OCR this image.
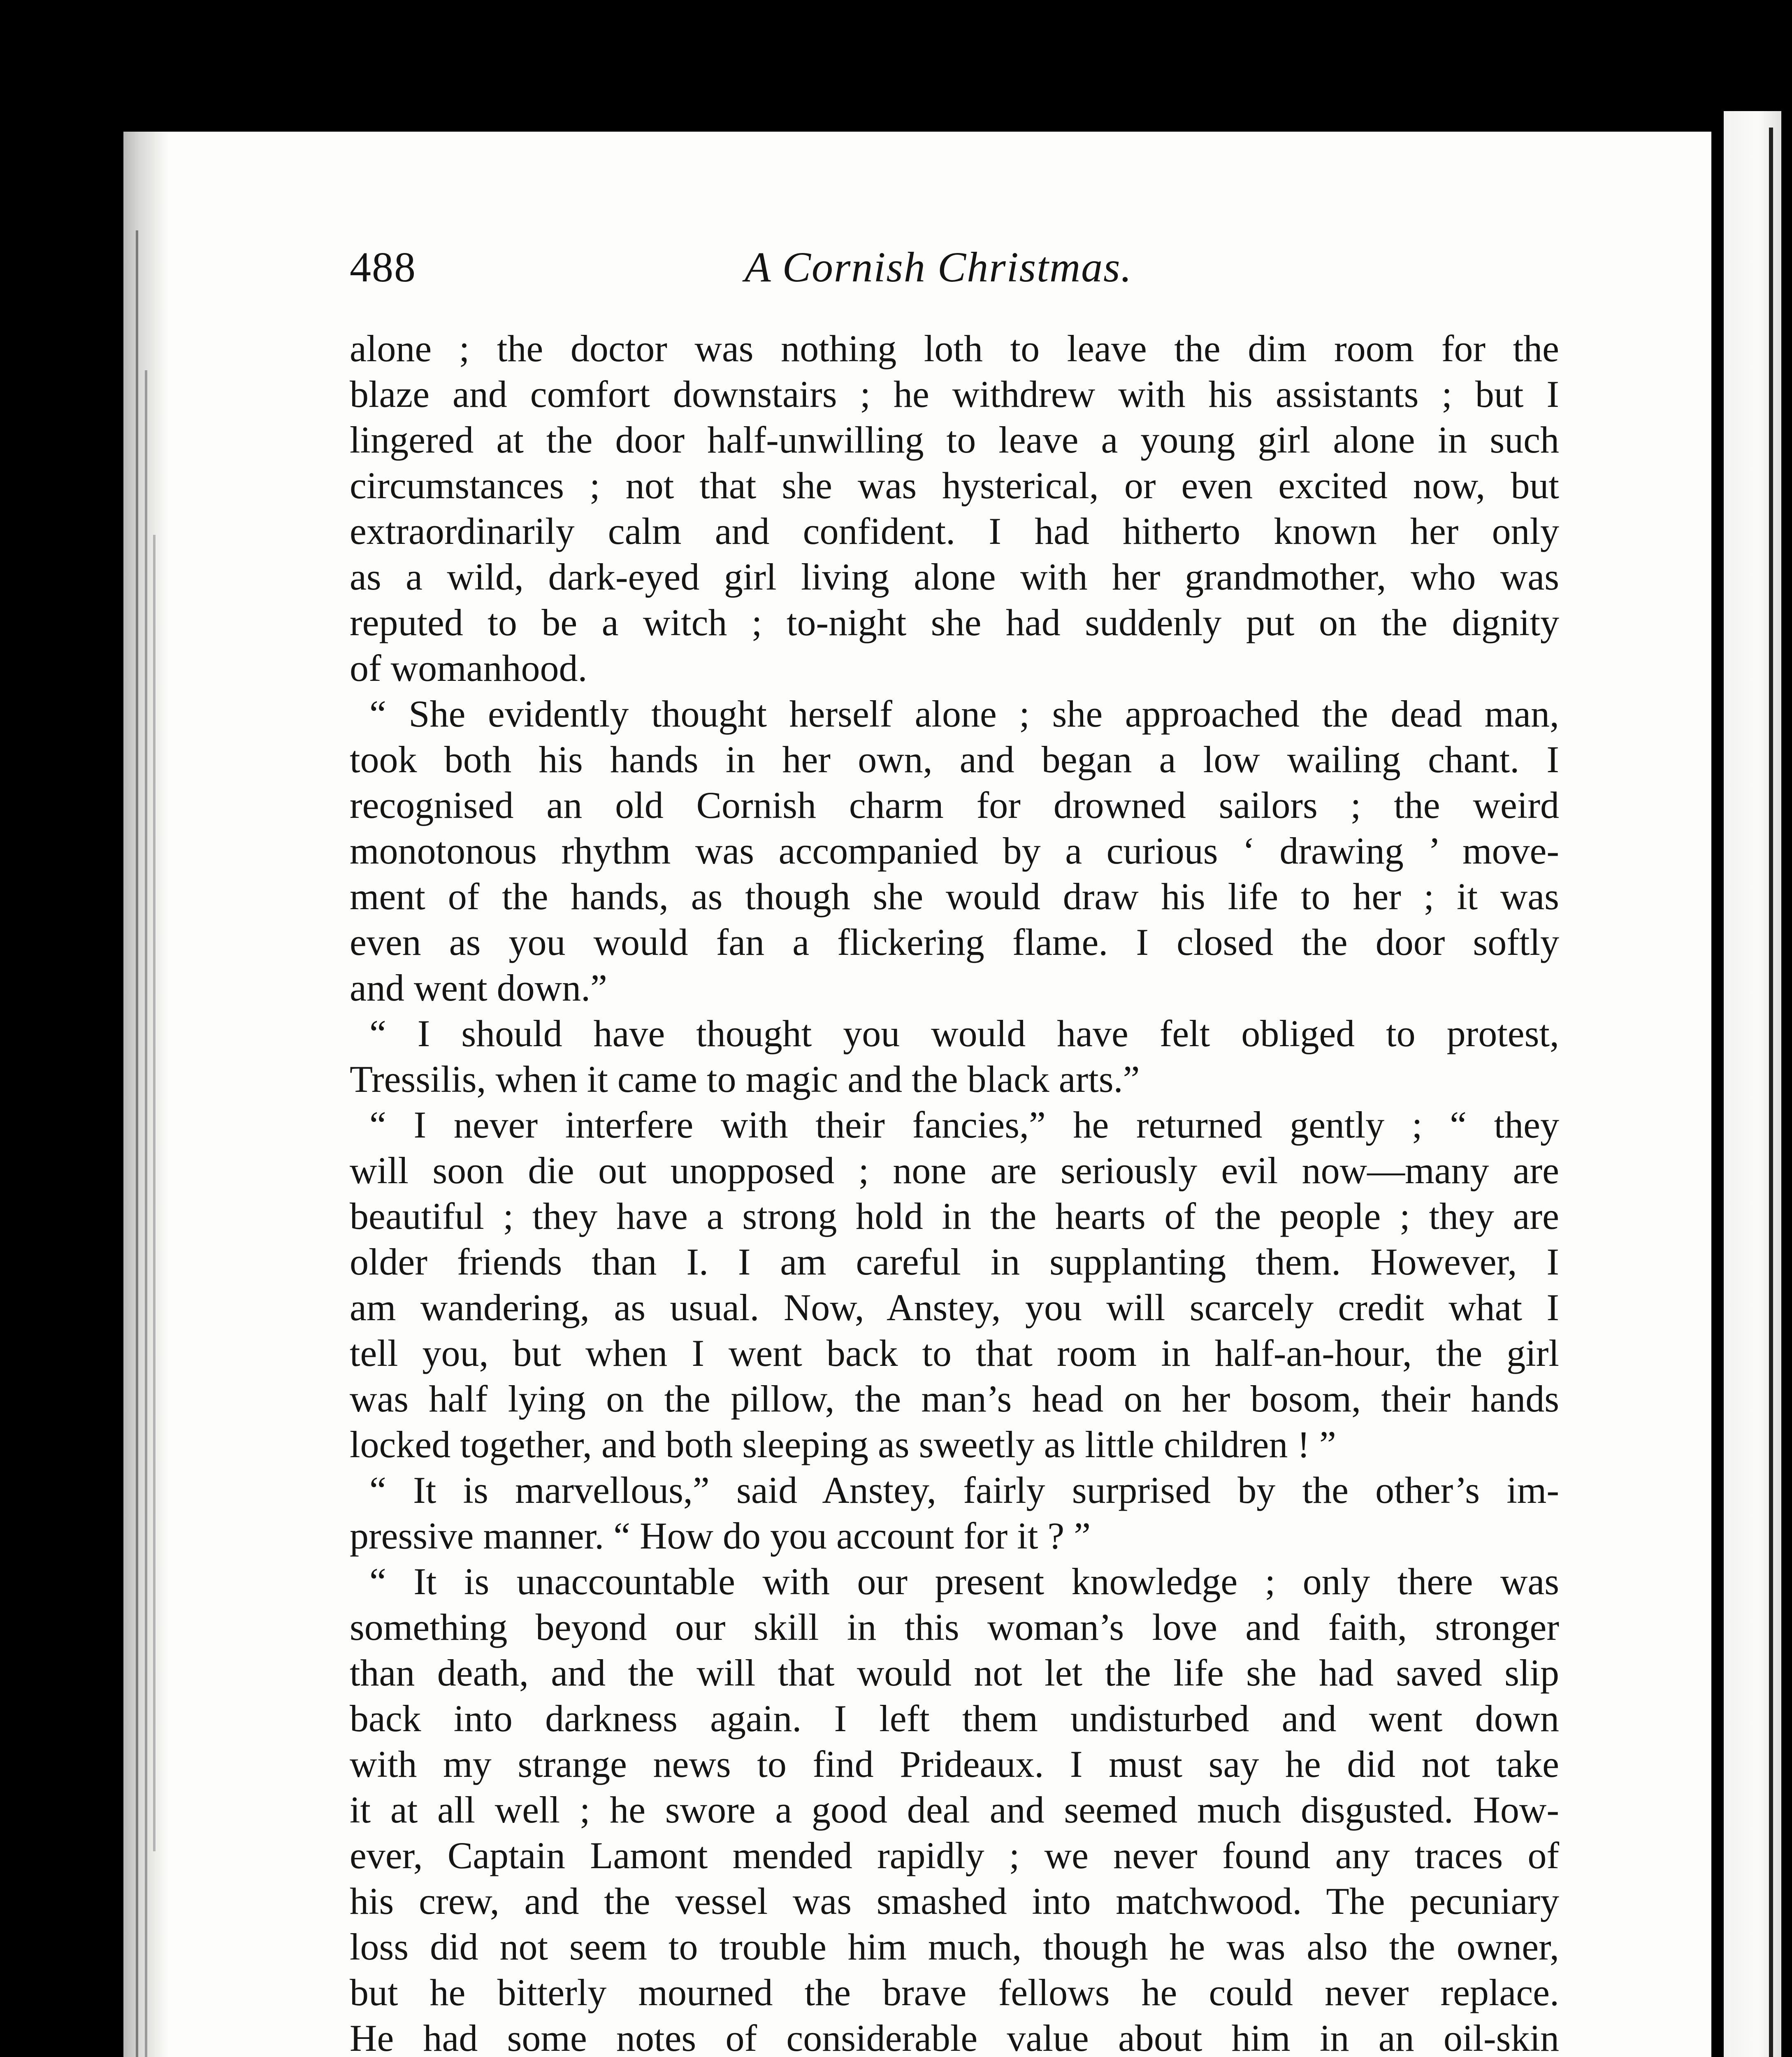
488	A Cornish Christmas.
alone ; the doctor was nothing loth to leave the dim room for the
blaze and comfort downstairs ; he withdrew with his assistants ; but I
lingered at the door half-unwilling to leave a young girl alone in such
circumstances ; not that she was hysterical, or even excited now, but
extraordinarily calm and confident. I had hitherto known her only
as a wild, dark-eyed girl living alone with her grandmother, who was
reputed to be a witch ; to-night she had suddenly put on the dignity
of womanhood.
“ She evidently thought herself alone ; she approached the dead man,
took both his hands in her own, and began a low wailing chant. I
recognised an old Cornish charm for drowned sailors ; the weird
monotonous rhythm was accompanied by a curious ‘ drawing ’ move-
ment of the hands, as though she would draw his life to her ; it was
even as you would fan a flickering flame. I closed the door softly
and went down.”
“ I should have thought you would have felt obliged to protest,
Tressilis, when it came to magic and the black arts.”
“ I never interfere with their fancies,” he returned gently ; “ they
will soon die out unopposed ; none are seriously evil now—many are
beautiful ; they have a strong hold in the hearts of the people ; they are
older friends than I. I am careful in supplanting them. However, I
am wandering, as usual. Now, Anstey, you will scarcely credit what I
tell you, but when I went back to that room in half-an-hour, the girl
was half lying on the pillow, the man’s head on her bosom, their hands
locked together, and both sleeping as sweetly as little children ! ”
“ It is marvellous,” said Anstey, fairly surprised by the other’s im-
pressive manner. “ How do you account for it ? ”
“ It is unaccountable with our present knowledge ; only there was
something beyond our skill in this woman’s love and faith, stronger
than death, and the will that would not let the life she had saved slip
back into darkness again. I left them undisturbed and went down
with my strange news to find Prideaux. I must say he did not take
it at all well ; he swore a good deal and seemed much disgusted. How-
ever, Captain Lamont mended rapidly ; we never found any traces of
his crew, and the vessel was smashed into matchwood. The pecuniary
loss did not seem to trouble him much, though he was also the owner,
but he bitterly mourned the brave fellows he could never replace.
He had some notes of considerable value about him in an oil-skin
